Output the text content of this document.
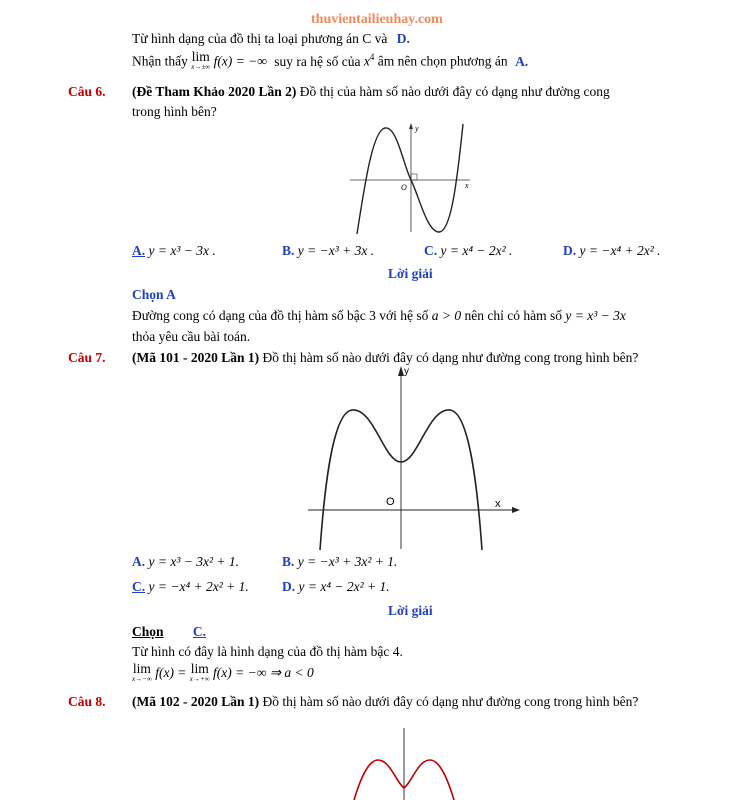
thuvientailieuhay.com
Từ hình dạng của đồ thị ta loại phương án C và D.
Nhận thấy lim
x→±∞ f(x) = −∞ suy ra hệ số của $x^4$ âm nên chọn phương án A.
Câu 6. (Đề Tham Khảo 2020 Lần 2) Đồ thị của hàm số nào dưới đây có dạng như đường cong
trong hình bên?
y
x
O
A. y = x³ − 3x .	B. y = −x³ + 3x .	C. y = x⁴ − 2x² .	D. y = −x⁴ + 2x² .
Lời giải
Chọn A
Đường cong có dạng của đồ thị hàm số bậc 3 với hệ số a > 0 nên chỉ có hàm số y = x³ − 3x
thỏa yêu cầu bài toán.
Câu 7. (Mã 101 - 2020 Lần 1) Đồ thị hàm số nào dưới đây có dạng như đường cong trong hình bên?
y
x
O
A. y = x³ − 3x² + 1.	B. y = −x³ + 3x² + 1.
C. y = −x⁴ + 2x² + 1. D. y = x⁴ − 2x² + 1.
Lời giải
Chọn C.
Từ hình có đây là hình dạng của đồ thị hàm bậc 4.
lim
x→−∞ f(x) = lim
x→+∞ f(x) = −∞ ⇒ a < 0
Câu 8. (Mã 102 - 2020 Lần 1) Đồ thị hàm số nào dưới đây có dạng như đường cong trong hình bên?
